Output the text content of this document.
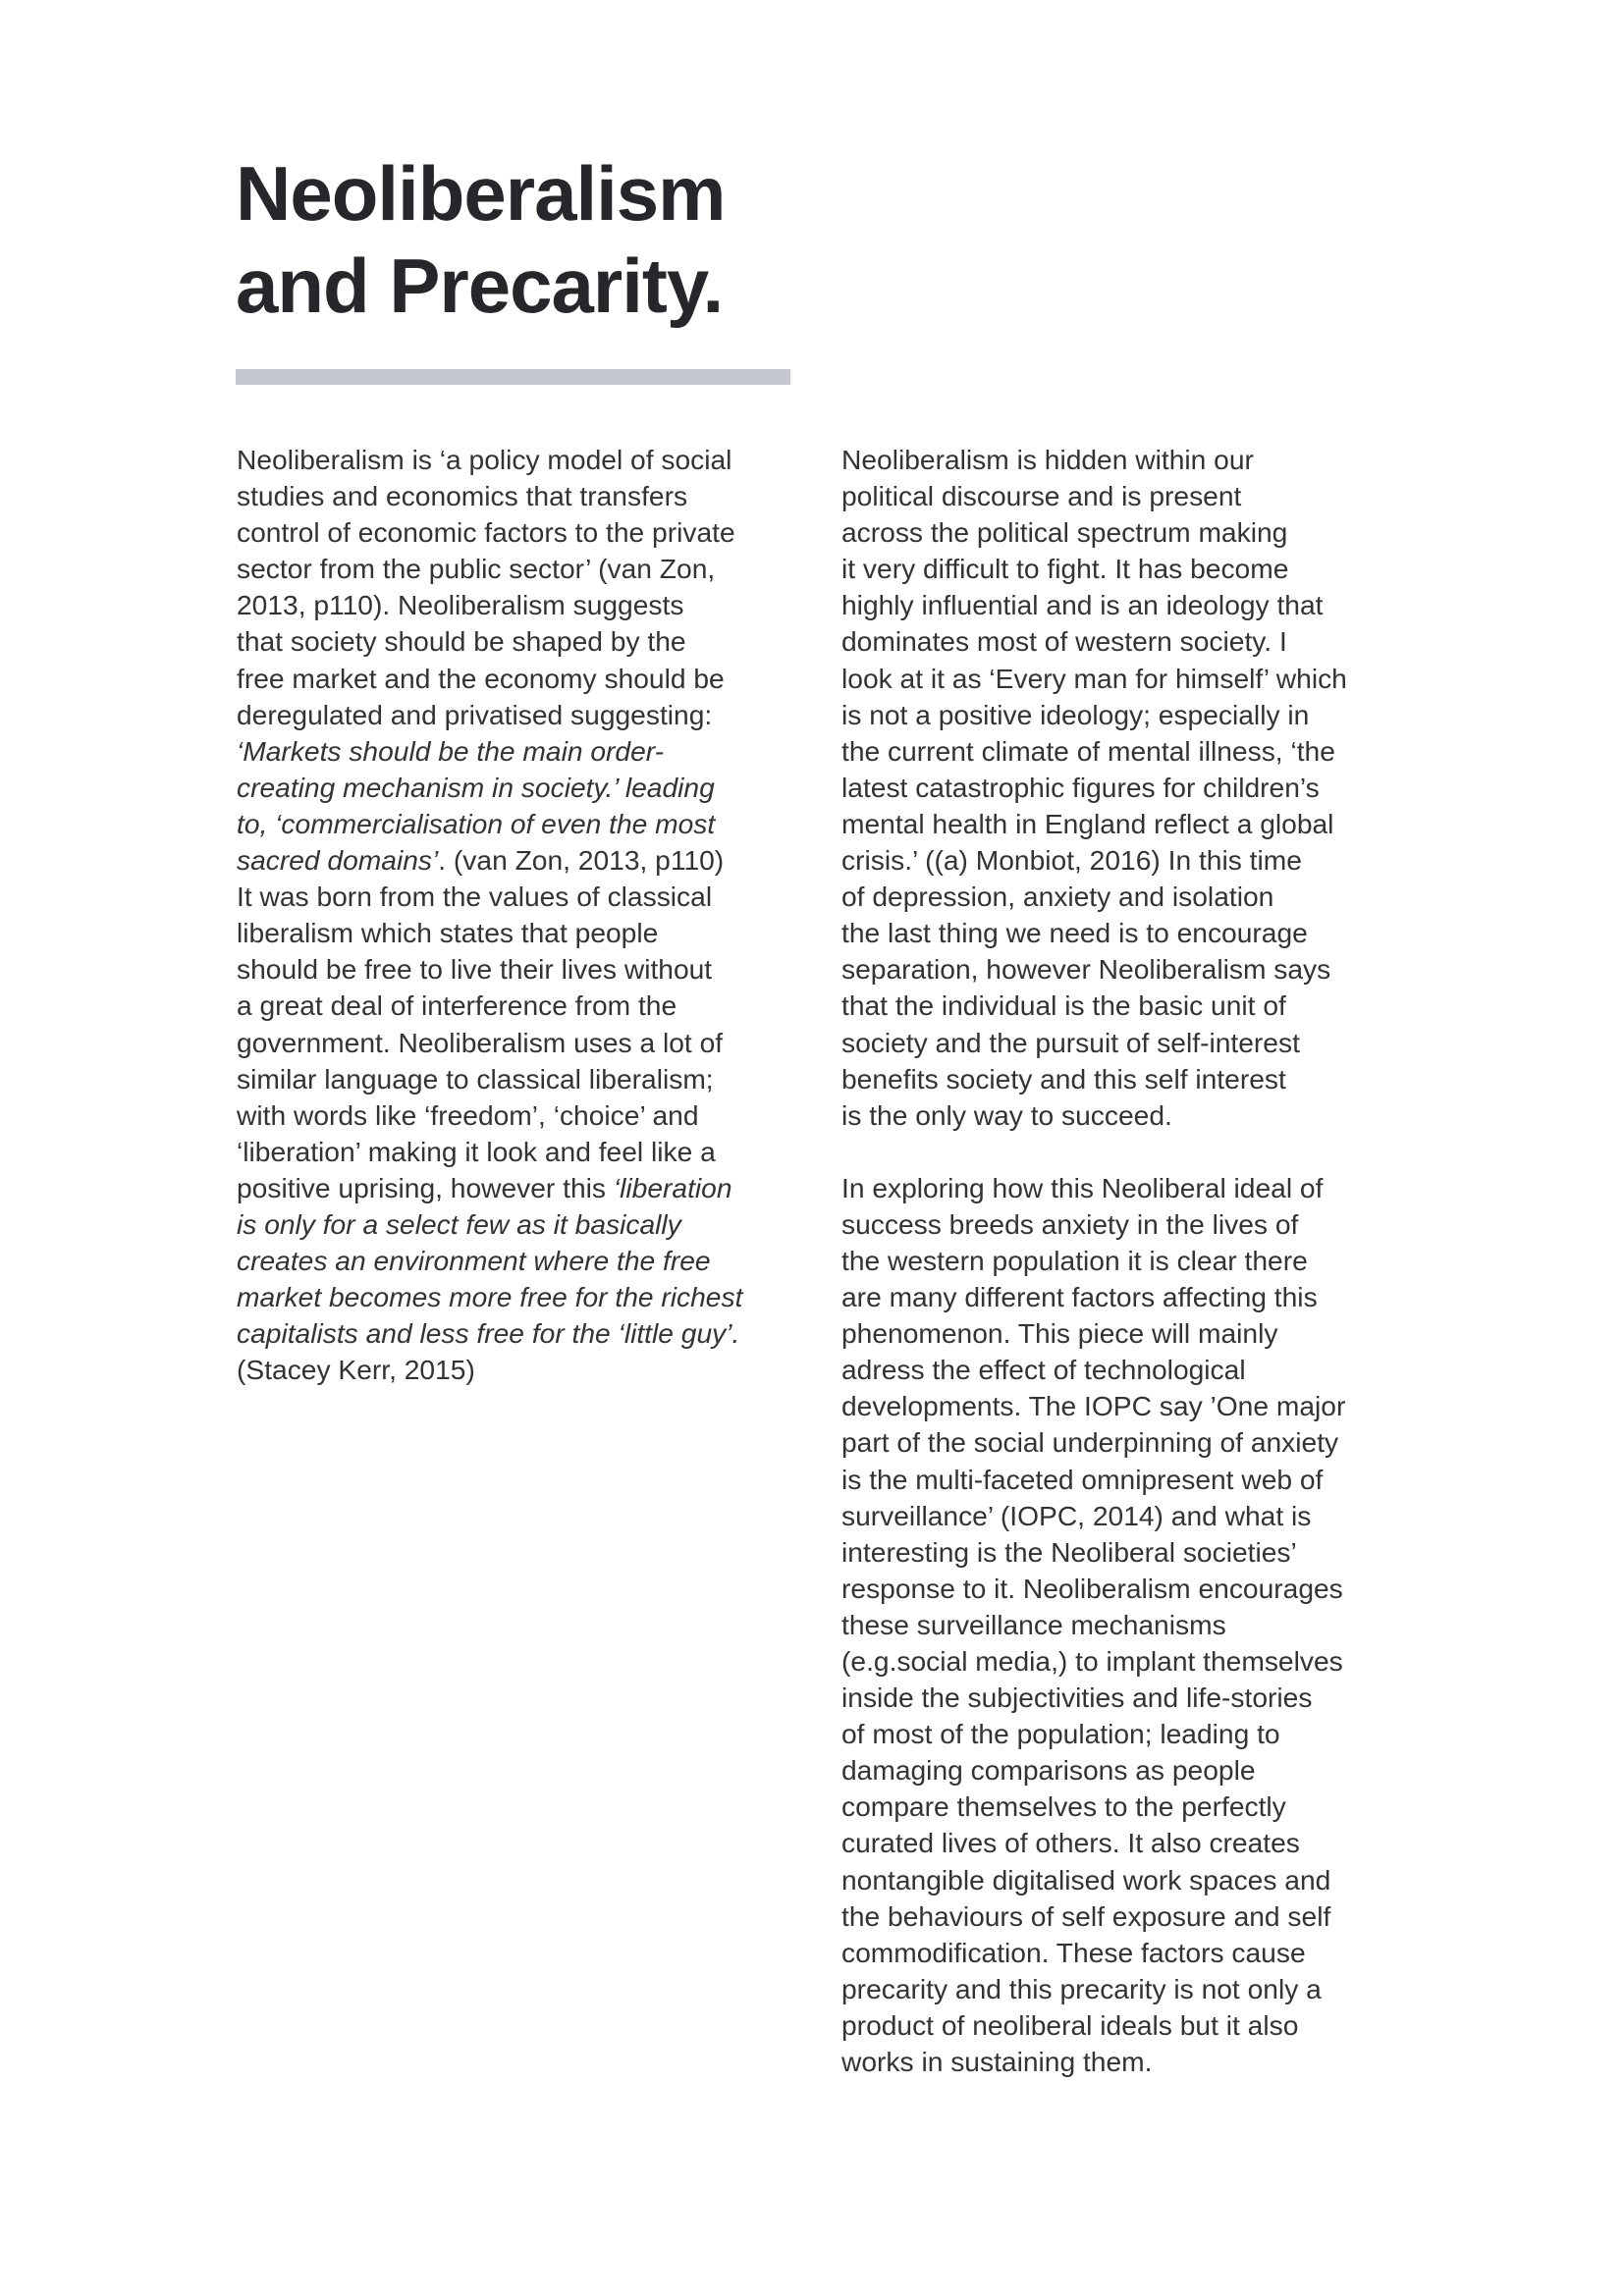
Neoliberalism
and Precarity.

Neoliberalism is ‘a policy model of social

studies and economics that transfers

control of economic factors to the private

sector from the public sector’ (van Zon,

2013, p110). Neoliberalism suggests

that society should be shaped by the

free market and the economy should be

deregulated and privatised suggesting:

‘Markets should be the main order-

creating mechanism in society.’ leading

to, ‘commercialisation of even the most

sacred domains’. (van Zon, 2013, p110)

It was born from the values of classical

liberalism which states that people

should be free to live their lives without

a great deal of interference from the

government. Neoliberalism uses a lot of

similar language to classical liberalism;

with words like ‘freedom’, ‘choice’ and

‘liberation’ making it look and feel like a

positive uprising, however this ‘liberation

is only for a select few as it basically

creates an environment where the free

market becomes more free for the richest

capitalists and less free for the ‘little guy’.

(Stacey Kerr, 2015)

Neoliberalism is hidden within our

political discourse and is present

across the political spectrum making

it very difficult to fight. It has become

highly influential and is an ideology that

dominates most of western society. I

look at it as ‘Every man for himself’ which

is not a positive ideology; especially in

the current climate of mental illness, ‘the

latest catastrophic figures for children’s

mental health in England reflect a global

crisis.’ ((a) Monbiot, 2016) In this time

of depression, anxiety and isolation

the last thing we need is to encourage

separation, however Neoliberalism says

that the individual is the basic unit of

society and the pursuit of self-interest

benefits society and this self interest

is the only way to succeed.

In exploring how this Neoliberal ideal of

success breeds anxiety in the lives of

the western population it is clear there

are many different factors affecting this

phenomenon. This piece will mainly

adress the effect of technological

developments. The IOPC say ’One major

part of the social underpinning of anxiety

is the multi-faceted omnipresent web of

surveillance’ (IOPC, 2014) and what is

interesting is the Neoliberal societies’

response to it. Neoliberalism encourages

these surveillance mechanisms

(e.g.social media,) to implant themselves

inside the subjectivities and life-stories

of most of the population; leading to

damaging comparisons as people

compare themselves to the perfectly

curated lives of others. It also creates

nontangible digitalised work spaces and

the behaviours of self exposure and self

commodification. These factors cause

precarity and this precarity is not only a

product of neoliberal ideals but it also

works in sustaining them.
